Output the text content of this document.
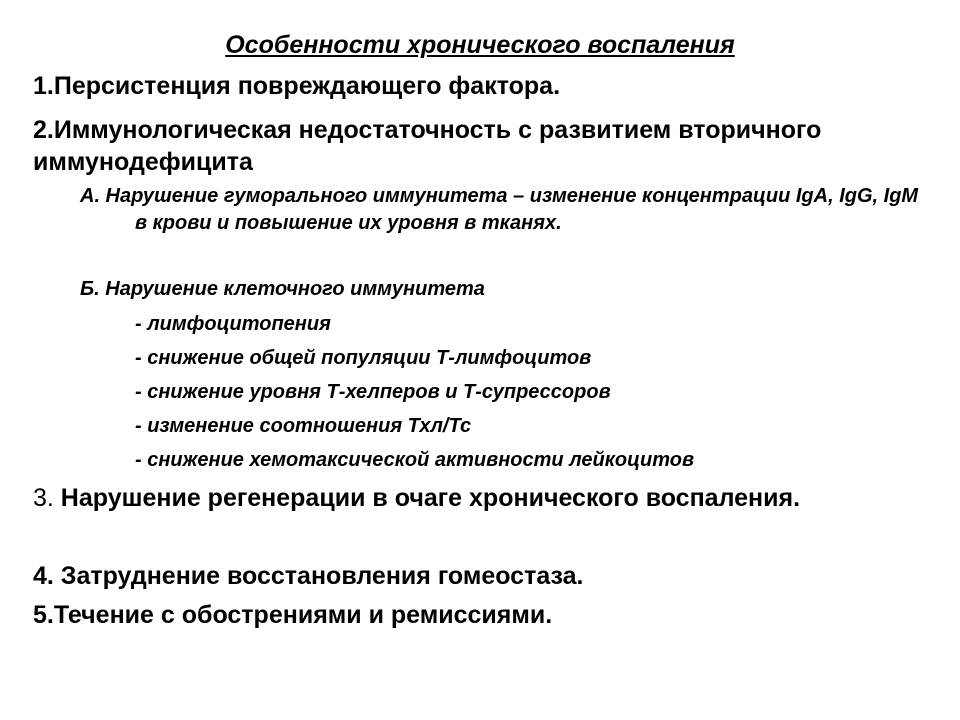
Особенности хронического воспаления

1.Персистенция повреждающего фактора.

2.Иммунологическая недостаточность с развитием вторичного иммунодефицита

А. Нарушение гуморального иммунитета – изменение концентрации IgA, IgG, IgM в крови и повышение их уровня в тканях.

Б. Нарушение клеточного иммунитета

- лимфоцитопения

- снижение общей популяции Т-лимфоцитов

- снижение уровня Т-хелперов и Т-супрессоров

- изменение соотношения Тхл/Тс

- снижение хемотаксической активности лейкоцитов

3. Нарушение регенерации в очаге хронического воспаления.

4. Затруднение восстановления гомеостаза.

5.Течение с обострениями и ремиссиями.
